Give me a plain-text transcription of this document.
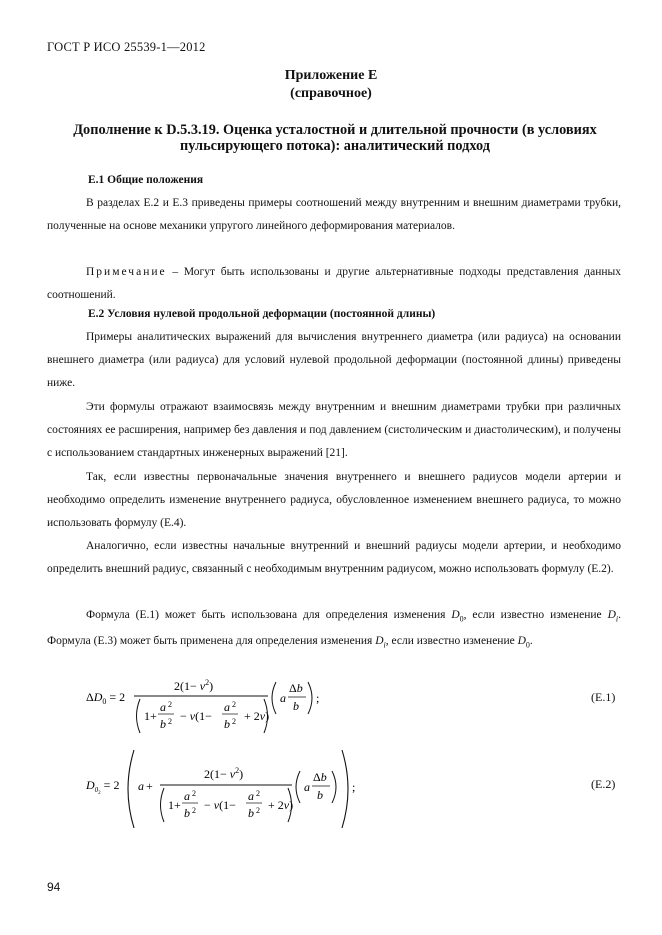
ГОСТ Р ИСО 25539-1—2012
Приложение Е
(справочное)
Дополнение к D.5.3.19. Оценка усталостной и длительной прочности (в условиях пульсирующего потока): аналитический подход
Е.1 Общие положения
В разделах Е.2 и Е.3 приведены примеры соотношений между внутренним и внешним диаметрами трубки, полученные на основе механики упругого линейного деформирования материалов.
Примечание – Могут быть использованы и другие альтернативные подходы представления данных соотношений.
Е.2 Условия нулевой продольной деформации (постоянной длины)
Примеры аналитических выражений для вычисления внутреннего диаметра (или радиуса) на основании внешнего диаметра (или радиуса) для условий нулевой продольной деформации (постоянной длины) приведены ниже.
Эти формулы отражают взаимосвязь между внутренним и внешним диаметрами трубки при различных состояниях ее расширения, например без давления и под давлением (систолическим и диастолическим), и получены с использованием стандартных инженерных выражений [21].
Так, если известны первоначальные значения внутреннего и внешнего радиусов модели артерии и необходимо определить изменение внутреннего радиуса, обусловленное изменением внешнего радиуса, то можно использовать формулу (Е.4).
Аналогично, если известны начальные внутренний и внешний радиусы модели артерии, и необходимо определить внешний радиус, связанный с необходимым внутренним радиусом, можно использовать формулу (Е.2).
Формула (Е.1) может быть использована для определения изменения $D_0$, если известно изменение $D_i$. Формула (Е.3) может быть применена для определения изменения $D_i$, если известно изменение $D_0$.
$\Delta D_0 = 2$
$2(1- \nu^2)$
1+
a 2
b 2 − ν(1−
a 2
b 2 + 2ν)
a
Δb
b
;	(Е.1)
$D_02 = 2$ a +
$2(1- \nu^2)$
1+
a 2
b 2 − ν(1−
a 2
b 2 + 2ν)
a
Δb
b
;	(Е.2)
94
